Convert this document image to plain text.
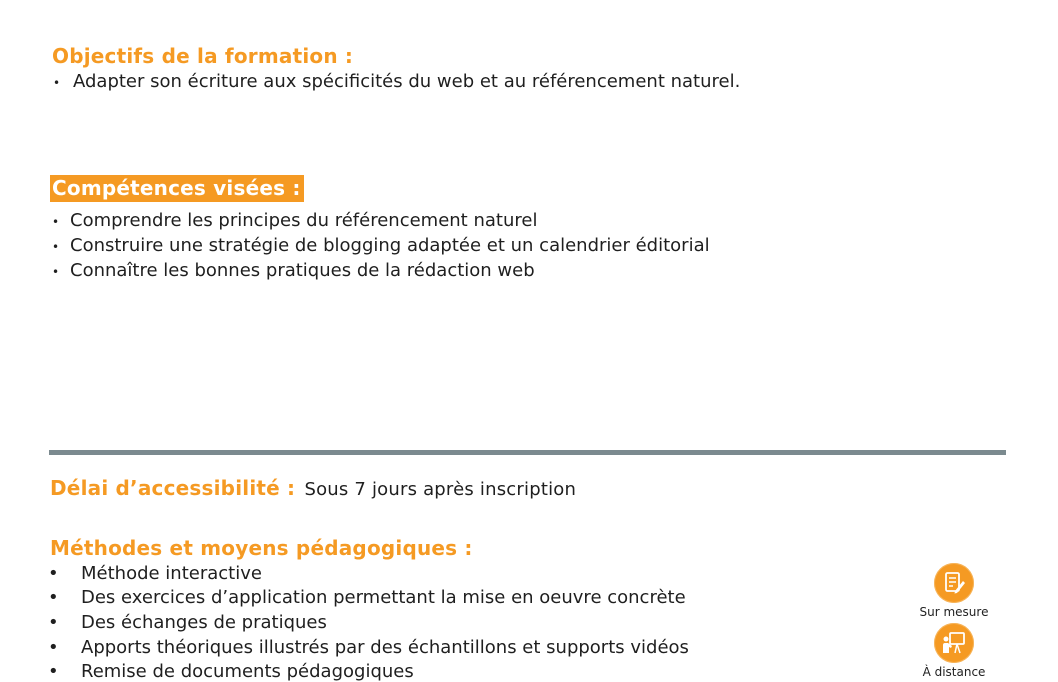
Objectifs de la formation :
• Adapter son écriture aux spécificités du web et au référencement naturel.
Compétences visées :
• Comprendre les principes du référencement naturel
• Construire une stratégie de blogging adaptée et un calendrier éditorial
• Connaître les bonnes pratiques de la rédaction web
Délai d’accessibilité : Sous 7 jours après inscription
Méthodes et moyens pédagogiques :
• Méthode interactive
• Des exercices d’application permettant la mise en oeuvre concrète
• Des échanges de pratiques
• Apports théoriques illustrés par des échantillons et supports vidéos
• Remise de documents pédagogiques
Sur mesure
À distance
